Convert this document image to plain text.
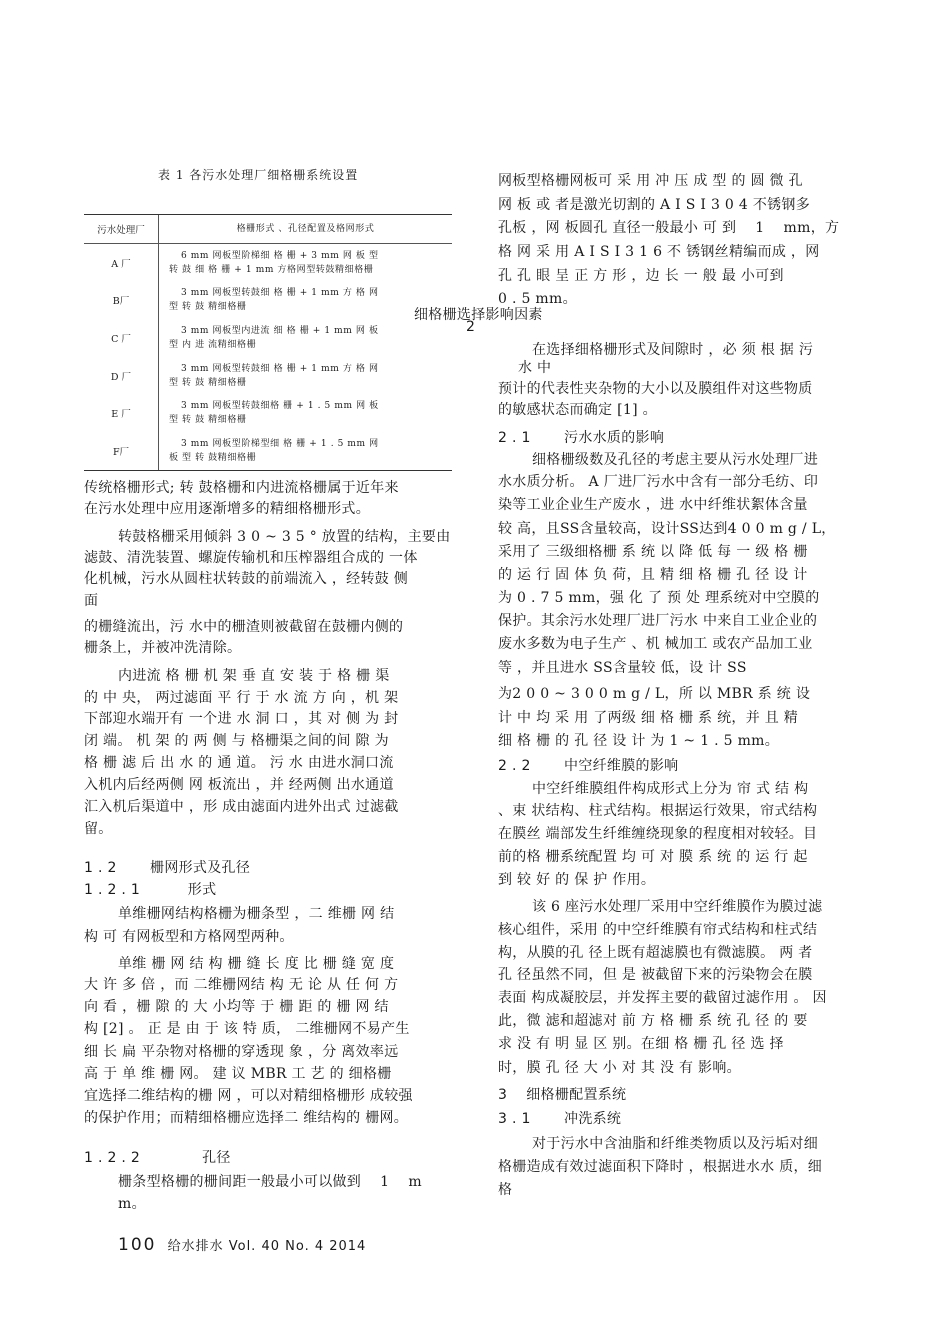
表 1 各污水处理厂细格栅系统设置
污水处理厂	格栅形式 、孔径配置及格网形式
A 厂
6 mm 网板型阶梯细 格 栅 + 3 mm 网 板 型
转 鼓 细 格 栅 + 1 mm 方格网型转鼓精细格栅
B厂
3 mm 网板型转鼓细 格 栅 + 1 mm 方 格 网
型 转 鼓 精细格栅
C 厂
3 mm 网板型内进流 细 格 栅 + 1 mm 网 板
型 内 进 流精细格栅
D 厂
3 mm 网板型转鼓细 格 栅 + 1 mm 方 格 网
型 转 鼓 精细格栅
E 厂
3 mm 网板型转鼓细格 栅 + 1 . 5 mm 网 板
型 转 鼓 精细格栅
F厂
3 mm 网板型阶梯型细 格 栅 + 1 . 5 mm 网
板 型 转 鼓精细格栅
传统格栅形式; 转 鼓格栅和内进流格栅属于近年来
在污水处理中应用逐渐增多的精细格栅形式。
转鼓格栅采用倾斜 3 0 ~ 3 5 ° 放置的结构，主要由
滤鼓、清洗装置、螺旋传输机和压榨器组合成的 一体
化机械，污水从圆柱状转鼓的前端流入 ，经转鼓 侧
面
的栅缝流出，污 水中的栅渣则被截留在鼓栅内侧的
栅条上，并被冲洗清除。
内进流 格 栅 机 架 垂 直 安 装 于 格 栅 渠
的 中 央， 两过滤面 平 行 于 水 流 方 向 ，机 架
下部迎水端开有 一个进 水 洞 口 ，其 对 侧 为 封
闭 端。 机 架 的 两 侧 与 格栅渠之间的间 隙 为
格 栅 滤 后 出 水 的 通 道。 污 水 由进水洞口流
入机内后经两侧 网 板流出 ，并 经两侧 出水通道
汇入机后渠道中 ，形 成由滤面内进外出式 过滤截
留。
1 . 2 　　栅网形式及孔径
1 . 2 . 1 　　　形式
单维栅网结构格栅为栅条型 ，二 维栅 网 结
构 可 有网板型和方格网型两种。
单维 栅 网 结 构 栅 缝 长 度 比 栅 缝 宽 度
大 许 多 倍 ，而 二维栅网结 构 无 论 从 任 何 方
向 看 ，栅 隙 的 大 小均等 于 栅 距 的 栅 网 结
构 [2] 。 正 是 由 于 该 特 质， 二维栅网不易产生
细 长 扁 平杂物对格栅的穿透现 象 ，分 离效率远
高 于 单 维 栅 网。 建 议 MBR 工 艺 的 细格栅
宜选择二维结构的栅 网 ，可以对精细格栅形 成较强
的保护作用；而精细格栅应选择二 维结构的 栅网。
1 . 2 . 2 　　　　孔径
栅条型格栅的栅间距一般最小可以做到 　1 　m
m。
网板型格栅网板可 采 用 冲 压 成 型 的 圆 微 孔
网 板 或 者是激光切割的 A I S I 3 0 4 不锈钢多
孔板 ，网 板圆孔 直径一般最小 可 到 　1 　mm，方
格 网 采 用 A I S I 3 1 6 不 锈钢丝精编而成 ，网
孔 孔 眼 呈 正 方 形 ，边 长 一 般 最 小可到
0 . 5 mm。
细格栅选择影响因素
2
在选择细格栅形式及间隙时 ，必 须 根 据 污
水 中
预计的代表性夹杂物的大小以及膜组件对这些物质
的敏感状态而确定 [1] 。
2 . 1 　　污水水质的影响
细格栅级数及孔径的考虑主要从污水处理厂进
水水质分析。 A 厂进厂污水中含有一部分毛纺、印
染等工业企业生产废水 ，进 水中纤维状絮体含量
较 高，且SS含量较高，设计SS达到4 0 0 m g / L，
采用了 三级细格栅 系 统 以 降 低 每 一 级 格 栅
的 运 行 固 体 负 荷，且 精 细 格 栅 孔 径 设 计
为 0 . 7 5 mm，强 化 了 预 处 理系统对中空膜的
保护。其余污水处理厂进厂污水 中来自工业企业的
废水多数为电子生产 、机 械加工 或农产品加工业
等 ，并且进水 SS含量较 低，设 计 SS
为2 0 0 ~ 3 0 0 m g / L，所 以 MBR 系 统 设
计 中 均 采 用 了两级 细 格 栅 系 统，并 且 精
细 格 栅 的 孔 径 设 计 为 1 ~ 1 . 5 mm。
2 . 2 　　中空纤维膜的影响
中空纤维膜组件构成形式上分为 帘 式 结 构
、束 状结构、柱式结构。根据运行效果，帘式结构
在膜丝 端部发生纤维缠绕现象的程度相对较轻。目
前的格 栅系统配置 均 可 对 膜 系 统 的 运 行 起
到 较 好 的 保 护 作用。
该 6 座污水处理厂采用中空纤维膜作为膜过滤
核心组件，采用 的中空纤维膜有帘式结构和柱式结
构，从膜的孔 径上既有超滤膜也有微滤膜。 两 者
孔 径虽然不同，但 是 被截留下来的污染物会在膜
表面 构成凝胶层，并发挥主要的截留过滤作用 。 因
此，微 滤和超滤对 前 方 格 栅 系 统 孔 径 的 要
求 没 有 明 显 区 别。在细 格 栅 孔 径 选 择
时，膜 孔 径 大 小 对 其 没 有 影响。
3 　细格栅配置系统
3 . 1 　　冲洗系统
对于污水中含油脂和纤维类物质以及污垢对细
格栅造成有效过滤面积下降时 ，根据进水水 质，细
格
100 给水排水 Vol. 40 No. 4 2014
